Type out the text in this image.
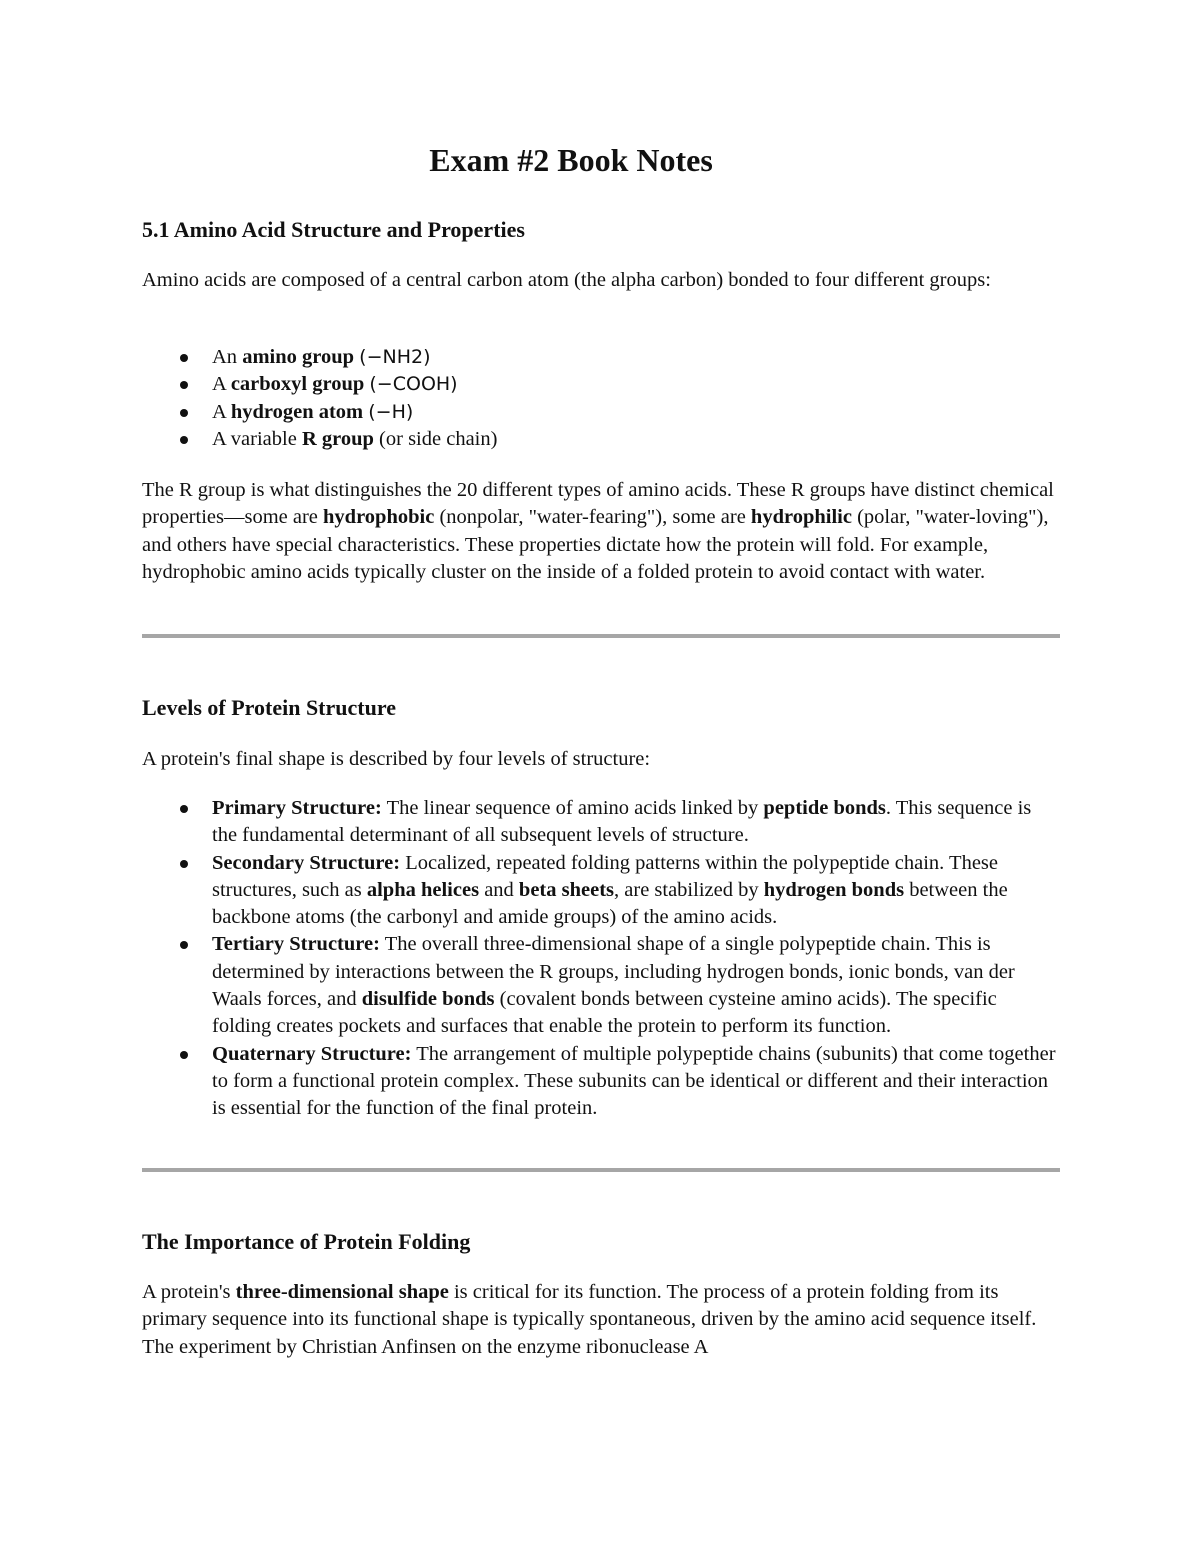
Exam #2 Book Notes
5.1 Amino Acid Structure and Properties

Amino acids are composed of a central carbon atom (the alpha carbon) bonded to four different groups:

An amino group (−NH2)
A carboxyl group (−COOH)
A hydrogen atom (−H)
A variable R group (or side chain)

The R group is what distinguishes the 20 different types of amino acids. These R groups have distinct chemical properties—some are hydrophobic (nonpolar, "water-fearing"), some are hydrophilic (polar, "water-loving"), and others have special characteristics. These properties dictate how the protein will fold. For example, hydrophobic amino acids typically cluster on the inside of a folded protein to avoid contact with water.

Levels of Protein Structure

A protein's final shape is described by four levels of structure:

Primary Structure: The linear sequence of amino acids linked by peptide bonds. This sequence is the fundamental determinant of all subsequent levels of structure.
Secondary Structure: Localized, repeated folding patterns within the polypeptide chain. These structures, such as alpha helices and beta sheets, are stabilized by hydrogen bonds between the backbone atoms (the carbonyl and amide groups) of the amino acids.
Tertiary Structure: The overall three-dimensional shape of a single polypeptide chain. This is determined by interactions between the R groups, including hydrogen bonds, ionic bonds, van der Waals forces, and disulfide bonds (covalent bonds between cysteine amino acids). The specific folding creates pockets and surfaces that enable the protein to perform its function.
Quaternary Structure: The arrangement of multiple polypeptide chains (subunits) that come together to form a functional protein complex. These subunits can be identical or different and their interaction is essential for the function of the final protein.
The Importance of Protein Folding

A protein's three-dimensional shape is critical for its function. The process of a protein folding from its primary sequence into its functional shape is typically spontaneous, driven by the amino acid sequence itself. The experiment by Christian Anfinsen on the enzyme ribonuclease A
